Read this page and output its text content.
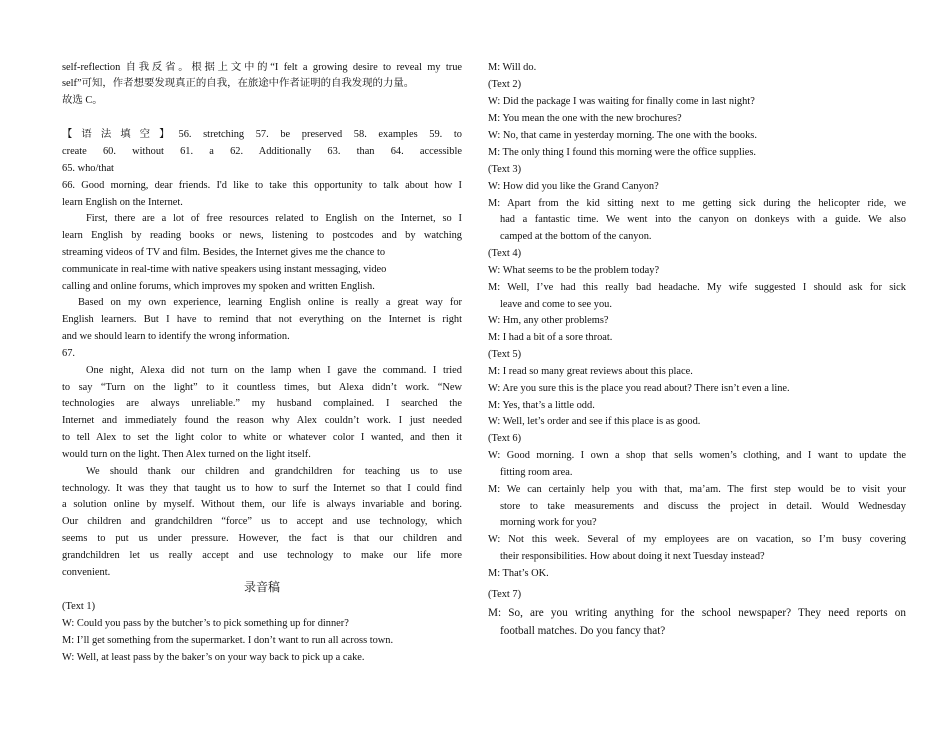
self-reflection 自我反省。根据上文中的“I felt a growing desire to reveal my true
self”可知，作者想要发现真正的自我，在旅途中作者证明的自我发现的力量。
故选 C。
【语法填空】56. stretching 57. be preserved 58. examples 59. to
create 60. without 61. a 62. Additionally 63. than 64. accessible
65. who/that
66. Good morning, dear friends. I'd like to take this opportunity to talk about how I
learn English on the Internet.
First, there are a lot of free resources related to English on the Internet, so I
learn English by reading books or news, listening to postcodes and by watching
streaming videos of TV and film. Besides, the Internet gives me the chance to
communicate in real-time with native speakers using instant messaging, video
calling and online forums, which improves my spoken and written English.
Based on my own experience, learning English online is really a great way for
English learners. But I have to remind that not everything on the Internet is right
and we should learn to identify the wrong information.
67.
One night, Alexa did not turn on the lamp when I gave the command. I tried
to say “Turn on the light” to it countless times, but Alexa didn’t work. “New
technologies are always unreliable.” my husband complained. I searched the
Internet and immediately found the reason why Alex couldn’t work. I just needed
to tell Alex to set the light color to white or whatever color I wanted, and then it
would turn on the light. Then Alex turned on the light itself.
We should thank our children and grandchildren for teaching us to use
technology. It was they that taught us to how to surf the Internet so that I could find
a solution online by myself. Without them, our life is always invariable and boring.
Our children and grandchildren “force” us to accept and use technology, which
seems to put us under pressure. However, the fact is that our children and
grandchildren let us really accept and use technology to make our life more
convenient.
(Text 1)
W: Could you pass by the butcher’s to pick something up for dinner?
M: I’ll get something from the supermarket. I don’t want to run all across town.
W: Well, at least pass by the baker’s on your way back to pick up a cake.
录音稿
M: Will do.
(Text 2)
W: Did the package I was waiting for finally come in last night?
M: You mean the one with the new brochures?
W: No, that came in yesterday morning. The one with the books.
M: The only thing I found this morning were the office supplies.
(Text 3)
W: How did you like the Grand Canyon?
M: Apart from the kid sitting next to me getting sick during the helicopter ride, we
had a fantastic time. We went into the canyon on donkeys with a guide. We also
camped at the bottom of the canyon.
(Text 4)
W: What seems to be the problem today?
M: Well, I’ve had this really bad headache. My wife suggested I should ask for sick
leave and come to see you.
W: Hm, any other problems?
M: I had a bit of a sore throat.
(Text 5)
M: I read so many great reviews about this place.
W: Are you sure this is the place you read about? There isn’t even a line.
M: Yes, that’s a little odd.
W: Well, let’s order and see if this place is as good.
(Text 6)
W: Good morning. I own a shop that sells women’s clothing, and I want to update the
fitting room area.
M: We can certainly help you with that, ma’am. The first step would be to visit your
store to take measurements and discuss the project in detail. Would Wednesday
morning work for you?
W: Not this week. Several of my employees are on vacation, so I’m busy covering
their responsibilities. How about doing it next Tuesday instead?
M: That’s OK.
(Text 7)
M: So, are you writing anything for the school newspaper? They need reports on
football matches. Do you fancy that?
